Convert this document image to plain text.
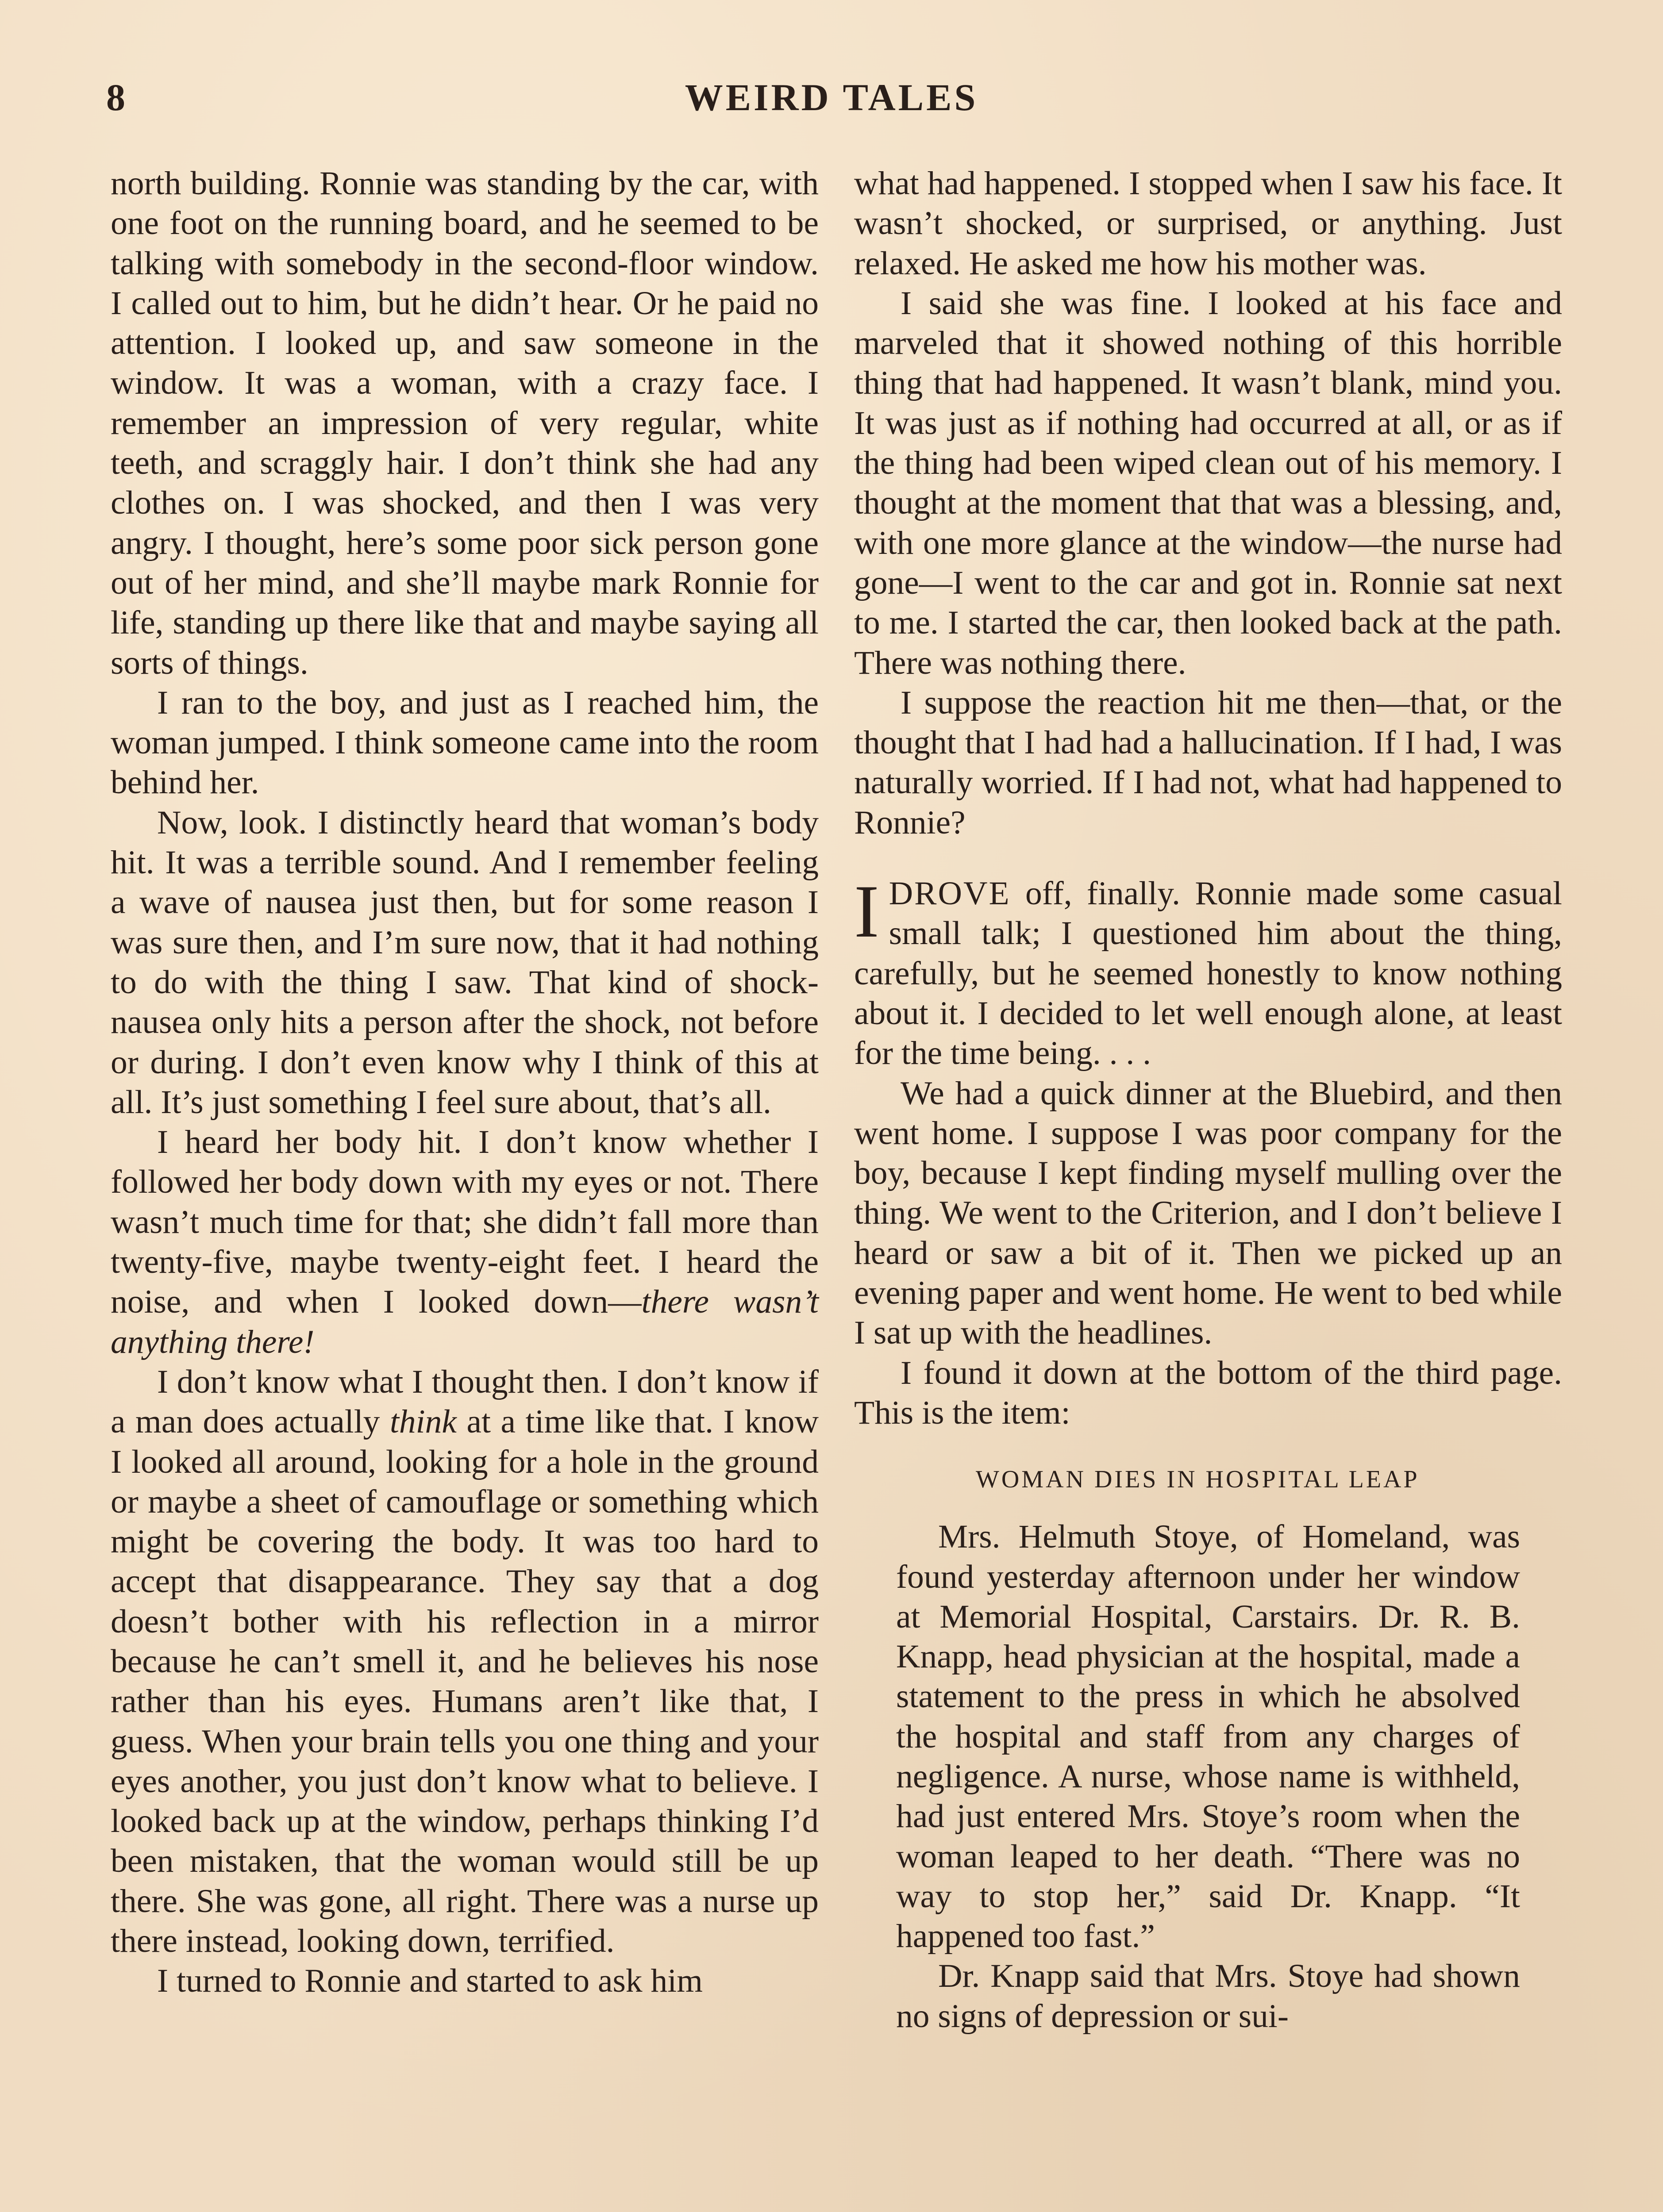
8	WEIRD TALES

north building. Ronnie was standing by the car, with one foot on the running board, and he seemed to be talking with somebody in the second-floor window. I called out to him, but he didn’t hear. Or he paid no attention. I looked up, and saw someone in the window. It was a woman, with a crazy face. I remember an impression of very regular, white teeth, and scraggly hair. I don’t think she had any clothes on. I was shocked, and then I was very angry. I thought, here’s some poor sick person gone out of her mind, and she’ll maybe mark Ronnie for life, standing up there like that and maybe saying all sorts of things.

I ran to the boy, and just as I reached him, the woman jumped. I think someone came into the room behind her.

Now, look. I distinctly heard that woman’s body hit. It was a terrible sound. And I remember feeling a wave of nausea just then, but for some reason I was sure then, and I’m sure now, that it had nothing to do with the thing I saw. That kind of shock-nausea only hits a person after the shock, not before or during. I don’t even know why I think of this at all. It’s just something I feel sure about, that’s all.

I heard her body hit. I don’t know whether I followed her body down with my eyes or not. There wasn’t much time for that; she didn’t fall more than twenty-five, maybe twenty-eight feet. I heard the noise, and when I looked down—there wasn’t anything there!

I don’t know what I thought then. I don’t know if a man does actually think at a time like that. I know I looked all around, looking for a hole in the ground or maybe a sheet of camouflage or something which might be covering the body. It was too hard to accept that disappearance. They say that a dog doesn’t bother with his reflection in a mirror because he can’t smell it, and he believes his nose rather than his eyes. Humans aren’t like that, I guess. When your brain tells you one thing and your eyes another, you just don’t know what to believe. I looked back up at the window, perhaps thinking I’d been mistaken, that the woman would still be up there. She was gone, all right. There was a nurse up there instead, looking down, terrified.

I turned to Ronnie and started to ask him

what had happened. I stopped when I saw his face. It wasn’t shocked, or surprised, or anything. Just relaxed. He asked me how his mother was.

I said she was fine. I looked at his face and marveled that it showed nothing of this horrible thing that had happened. It wasn’t blank, mind you. It was just as if nothing had occurred at all, or as if the thing had been wiped clean out of his memory. I thought at the moment that that was a blessing, and, with one more glance at the window—the nurse had gone—I went to the car and got in. Ronnie sat next to me. I started the car, then looked back at the path. There was nothing there.

I suppose the reaction hit me then—that, or the thought that I had had a hallucination. If I had, I was naturally worried. If I had not, what had happened to Ronnie?

IDROVE off, finally. Ronnie made some casual small talk; I questioned him about the thing, carefully, but he seemed honestly to know nothing about it. I decided to let well enough alone, at least for the time being. . . .

We had a quick dinner at the Bluebird, and then went home. I suppose I was poor company for the boy, because I kept finding myself mulling over the thing. We went to the Criterion, and I don’t believe I heard or saw a bit of it. Then we picked up an evening paper and went home. He went to bed while I sat up with the headlines.

I found it down at the bottom of the third page. This is the item:

WOMAN DIES IN HOSPITAL LEAP

Mrs. Helmuth Stoye, of Homeland, was found yesterday afternoon under her window at Memorial Hospital, Carstairs. Dr. R. B. Knapp, head physician at the hospital, made a statement to the press in which he absolved the hospital and staff from any charges of negligence. A nurse, whose name is withheld, had just entered Mrs. Stoye’s room when the woman leaped to her death. “There was no way to stop her,” said Dr. Knapp. “It happened too fast.”

Dr. Knapp said that Mrs. Stoye had shown no signs of depression or sui-
